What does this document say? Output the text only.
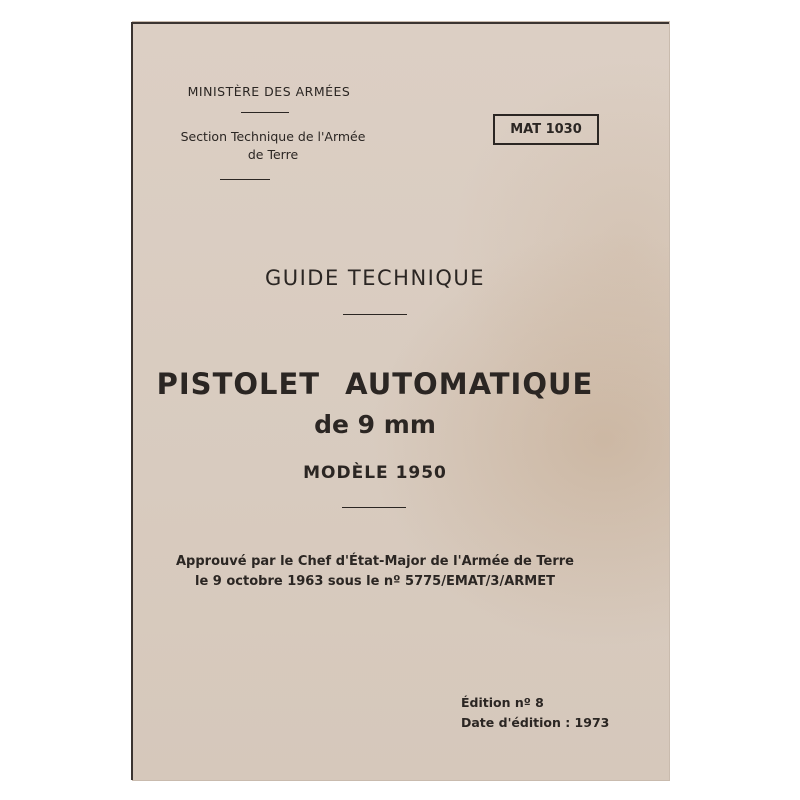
MINISTÈRE DES ARMÉES
Section Technique de l'Armée
de Terre
MAT 1030
GUIDE TECHNIQUE
PISTOLET AUTOMATIQUE
de 9 mm
MODÈLE 1950
Approuvé par le Chef d'État-Major de l'Armée de Terre
le 9 octobre 1963 sous le nº 5775/EMAT/3/ARMET
Édition nº 8
Date d'édition : 1973
